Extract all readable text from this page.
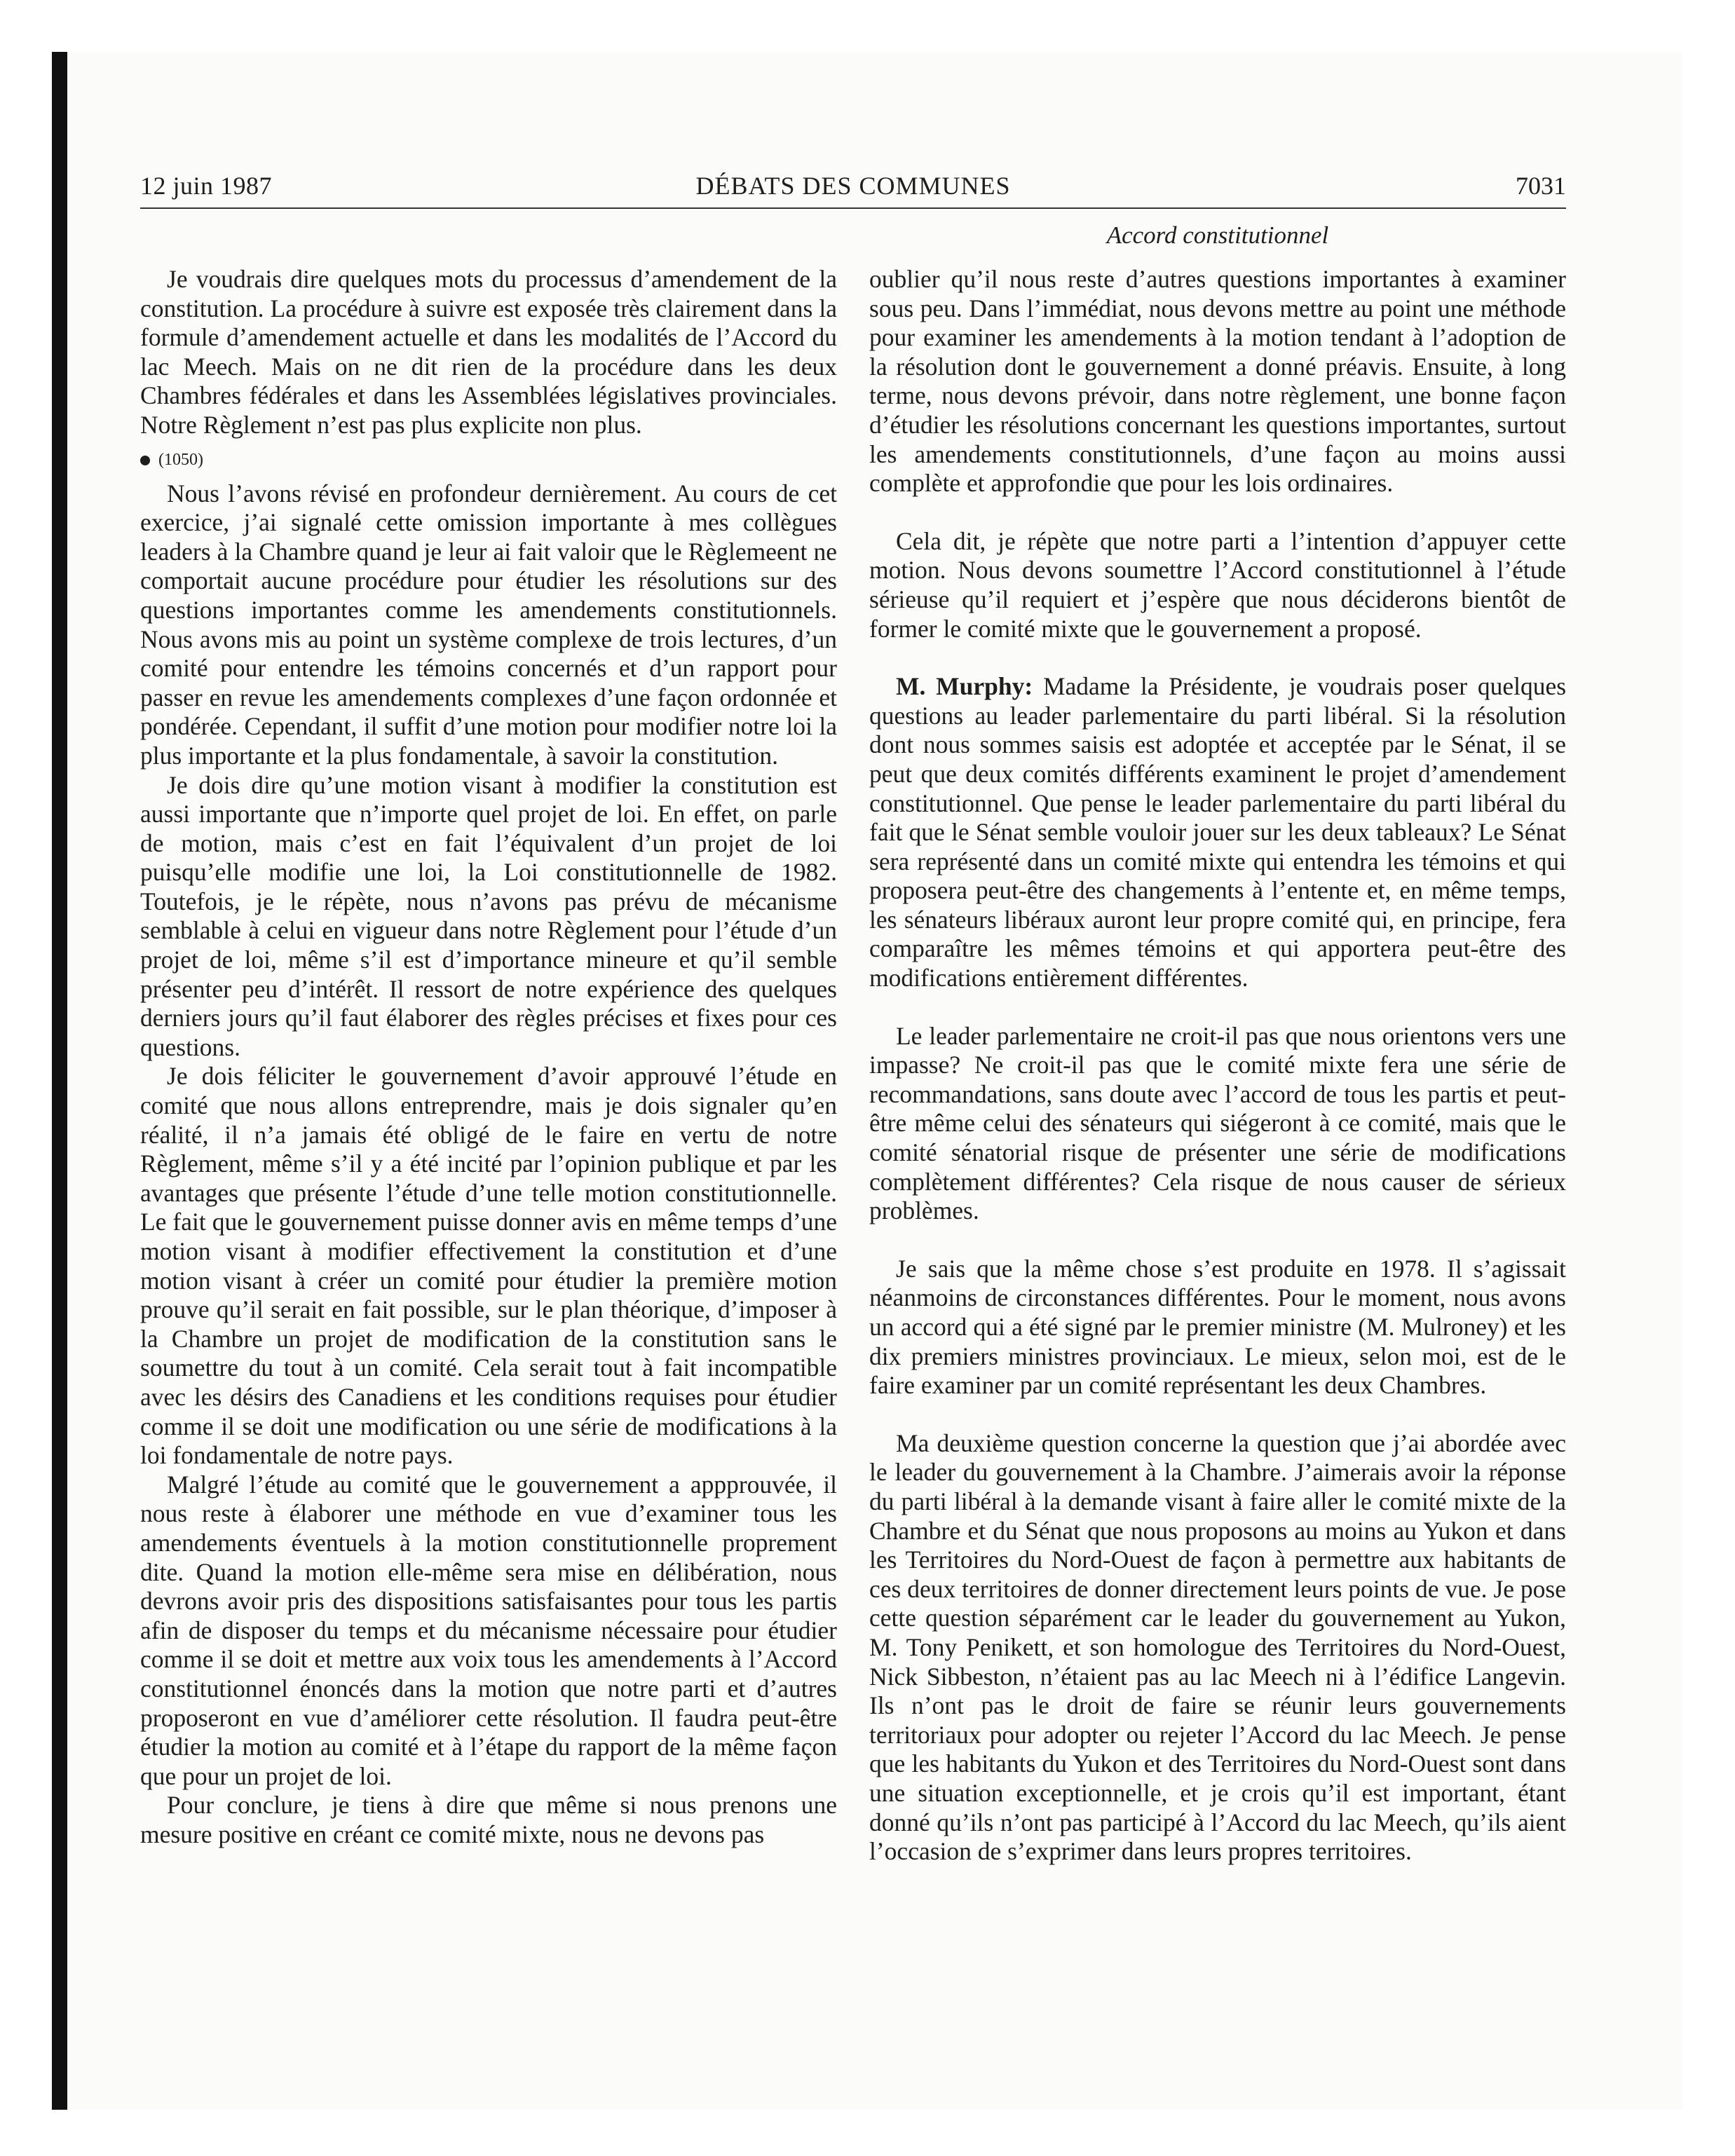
12 juin 1987	DÉBATS DES COMMUNES	7031
Accord constitutionnel

Je voudrais dire quelques mots du processus d’amendement de la constitution. La procédure à suivre est exposée très clairement dans la formule d’amendement actuelle et dans les modalités de l’Accord du lac Meech. Mais on ne dit rien de la procédure dans les deux Chambres fédérales et dans les Assemblées législatives provinciales. Notre Règlement n’est pas plus explicite non plus.

(1050)

Nous l’avons révisé en profondeur dernièrement. Au cours de cet exercice, j’ai signalé cette omission importante à mes collègues leaders à la Chambre quand je leur ai fait valoir que le Règlemeent ne comportait aucune procédure pour étudier les résolutions sur des questions importantes comme les amendements constitutionnels. Nous avons mis au point un système complexe de trois lectures, d’un comité pour entendre les témoins concernés et d’un rapport pour passer en revue les amendements complexes d’une façon ordonnée et pondérée. Cependant, il suffit d’une motion pour modifier notre loi la plus importante et la plus fondamentale, à savoir la constitution.

Je dois dire qu’une motion visant à modifier la constitution est aussi importante que n’importe quel projet de loi. En effet, on parle de motion, mais c’est en fait l’équivalent d’un projet de loi puisqu’elle modifie une loi, la Loi constitutionnelle de 1982. Toutefois, je le répète, nous n’avons pas prévu de mécanisme semblable à celui en vigueur dans notre Règlement pour l’étude d’un projet de loi, même s’il est d’importance mineure et qu’il semble présenter peu d’intérêt. Il ressort de notre expérience des quelques derniers jours qu’il faut élaborer des règles précises et fixes pour ces questions.

Je dois féliciter le gouvernement d’avoir approuvé l’étude en comité que nous allons entreprendre, mais je dois signaler qu’en réalité, il n’a jamais été obligé de le faire en vertu de notre Règlement, même s’il y a été incité par l’opinion publique et par les avantages que présente l’étude d’une telle motion constitutionnelle. Le fait que le gouvernement puisse donner avis en même temps d’une motion visant à modifier effectivement la constitution et d’une motion visant à créer un comité pour étudier la première motion prouve qu’il serait en fait possible, sur le plan théorique, d’imposer à la Chambre un projet de modification de la constitution sans le soumettre du tout à un comité. Cela serait tout à fait incompatible avec les désirs des Canadiens et les conditions requises pour étudier comme il se doit une modification ou une série de modifications à la loi fondamentale de notre pays.

Malgré l’étude au comité que le gouvernement a appprouvée, il nous reste à élaborer une méthode en vue d’examiner tous les amendements éventuels à la motion constitutionnelle proprement dite. Quand la motion elle-même sera mise en délibération, nous devrons avoir pris des dispositions satisfaisantes pour tous les partis afin de disposer du temps et du mécanisme nécessaire pour étudier comme il se doit et mettre aux voix tous les amendements à l’Accord constitutionnel énoncés dans la motion que notre parti et d’autres proposeront en vue d’améliorer cette résolution. Il faudra peut-être étudier la motion au comité et à l’étape du rapport de la même façon que pour un projet de loi.

Pour conclure, je tiens à dire que même si nous prenons une mesure positive en créant ce comité mixte, nous ne devons pas

oublier qu’il nous reste d’autres questions importantes à examiner sous peu. Dans l’immédiat, nous devons mettre au point une méthode pour examiner les amendements à la motion tendant à l’adoption de la résolution dont le gouvernement a donné préavis. Ensuite, à long terme, nous devons prévoir, dans notre règlement, une bonne façon d’étudier les résolutions concernant les questions importantes, surtout les amendements constitutionnels, d’une façon au moins aussi complète et approfondie que pour les lois ordinaires.

Cela dit, je répète que notre parti a l’intention d’appuyer cette motion. Nous devons soumettre l’Accord constitutionnel à l’étude sérieuse qu’il requiert et j’espère que nous déciderons bientôt de former le comité mixte que le gouvernement a proposé.

M. Murphy: Madame la Présidente, je voudrais poser quelques questions au leader parlementaire du parti libéral. Si la résolution dont nous sommes saisis est adoptée et acceptée par le Sénat, il se peut que deux comités différents examinent le projet d’amendement constitutionnel. Que pense le leader parlementaire du parti libéral du fait que le Sénat semble vouloir jouer sur les deux tableaux? Le Sénat sera représenté dans un comité mixte qui entendra les témoins et qui proposera peut-être des changements à l’entente et, en même temps, les sénateurs libéraux auront leur propre comité qui, en principe, fera comparaître les mêmes témoins et qui apportera peut-être des modifications entièrement différentes.

Le leader parlementaire ne croit-il pas que nous orientons vers une impasse? Ne croit-il pas que le comité mixte fera une série de recommandations, sans doute avec l’accord de tous les partis et peut-être même celui des sénateurs qui siégeront à ce comité, mais que le comité sénatorial risque de présenter une série de modifications complètement différentes? Cela risque de nous causer de sérieux problèmes.

Je sais que la même chose s’est produite en 1978. Il s’agissait néanmoins de circonstances différentes. Pour le moment, nous avons un accord qui a été signé par le premier ministre (M. Mulroney) et les dix premiers ministres provinciaux. Le mieux, selon moi, est de le faire examiner par un comité représentant les deux Chambres.

Ma deuxième question concerne la question que j’ai abordée avec le leader du gouvernement à la Chambre. J’aimerais avoir la réponse du parti libéral à la demande visant à faire aller le comité mixte de la Chambre et du Sénat que nous proposons au moins au Yukon et dans les Territoires du Nord-Ouest de façon à permettre aux habitants de ces deux territoires de donner directement leurs points de vue. Je pose cette question séparément car le leader du gouvernement au Yukon, M. Tony Penikett, et son homologue des Territoires du Nord-Ouest, Nick Sibbeston, n’étaient pas au lac Meech ni à l’édifice Langevin. Ils n’ont pas le droit de faire se réunir leurs gouvernements territoriaux pour adopter ou rejeter l’Accord du lac Meech. Je pense que les habitants du Yukon et des Territoires du Nord-Ouest sont dans une situation exceptionnelle, et je crois qu’il est important, étant donné qu’ils n’ont pas participé à l’Accord du lac Meech, qu’ils aient l’occasion de s’exprimer dans leurs propres territoires.
